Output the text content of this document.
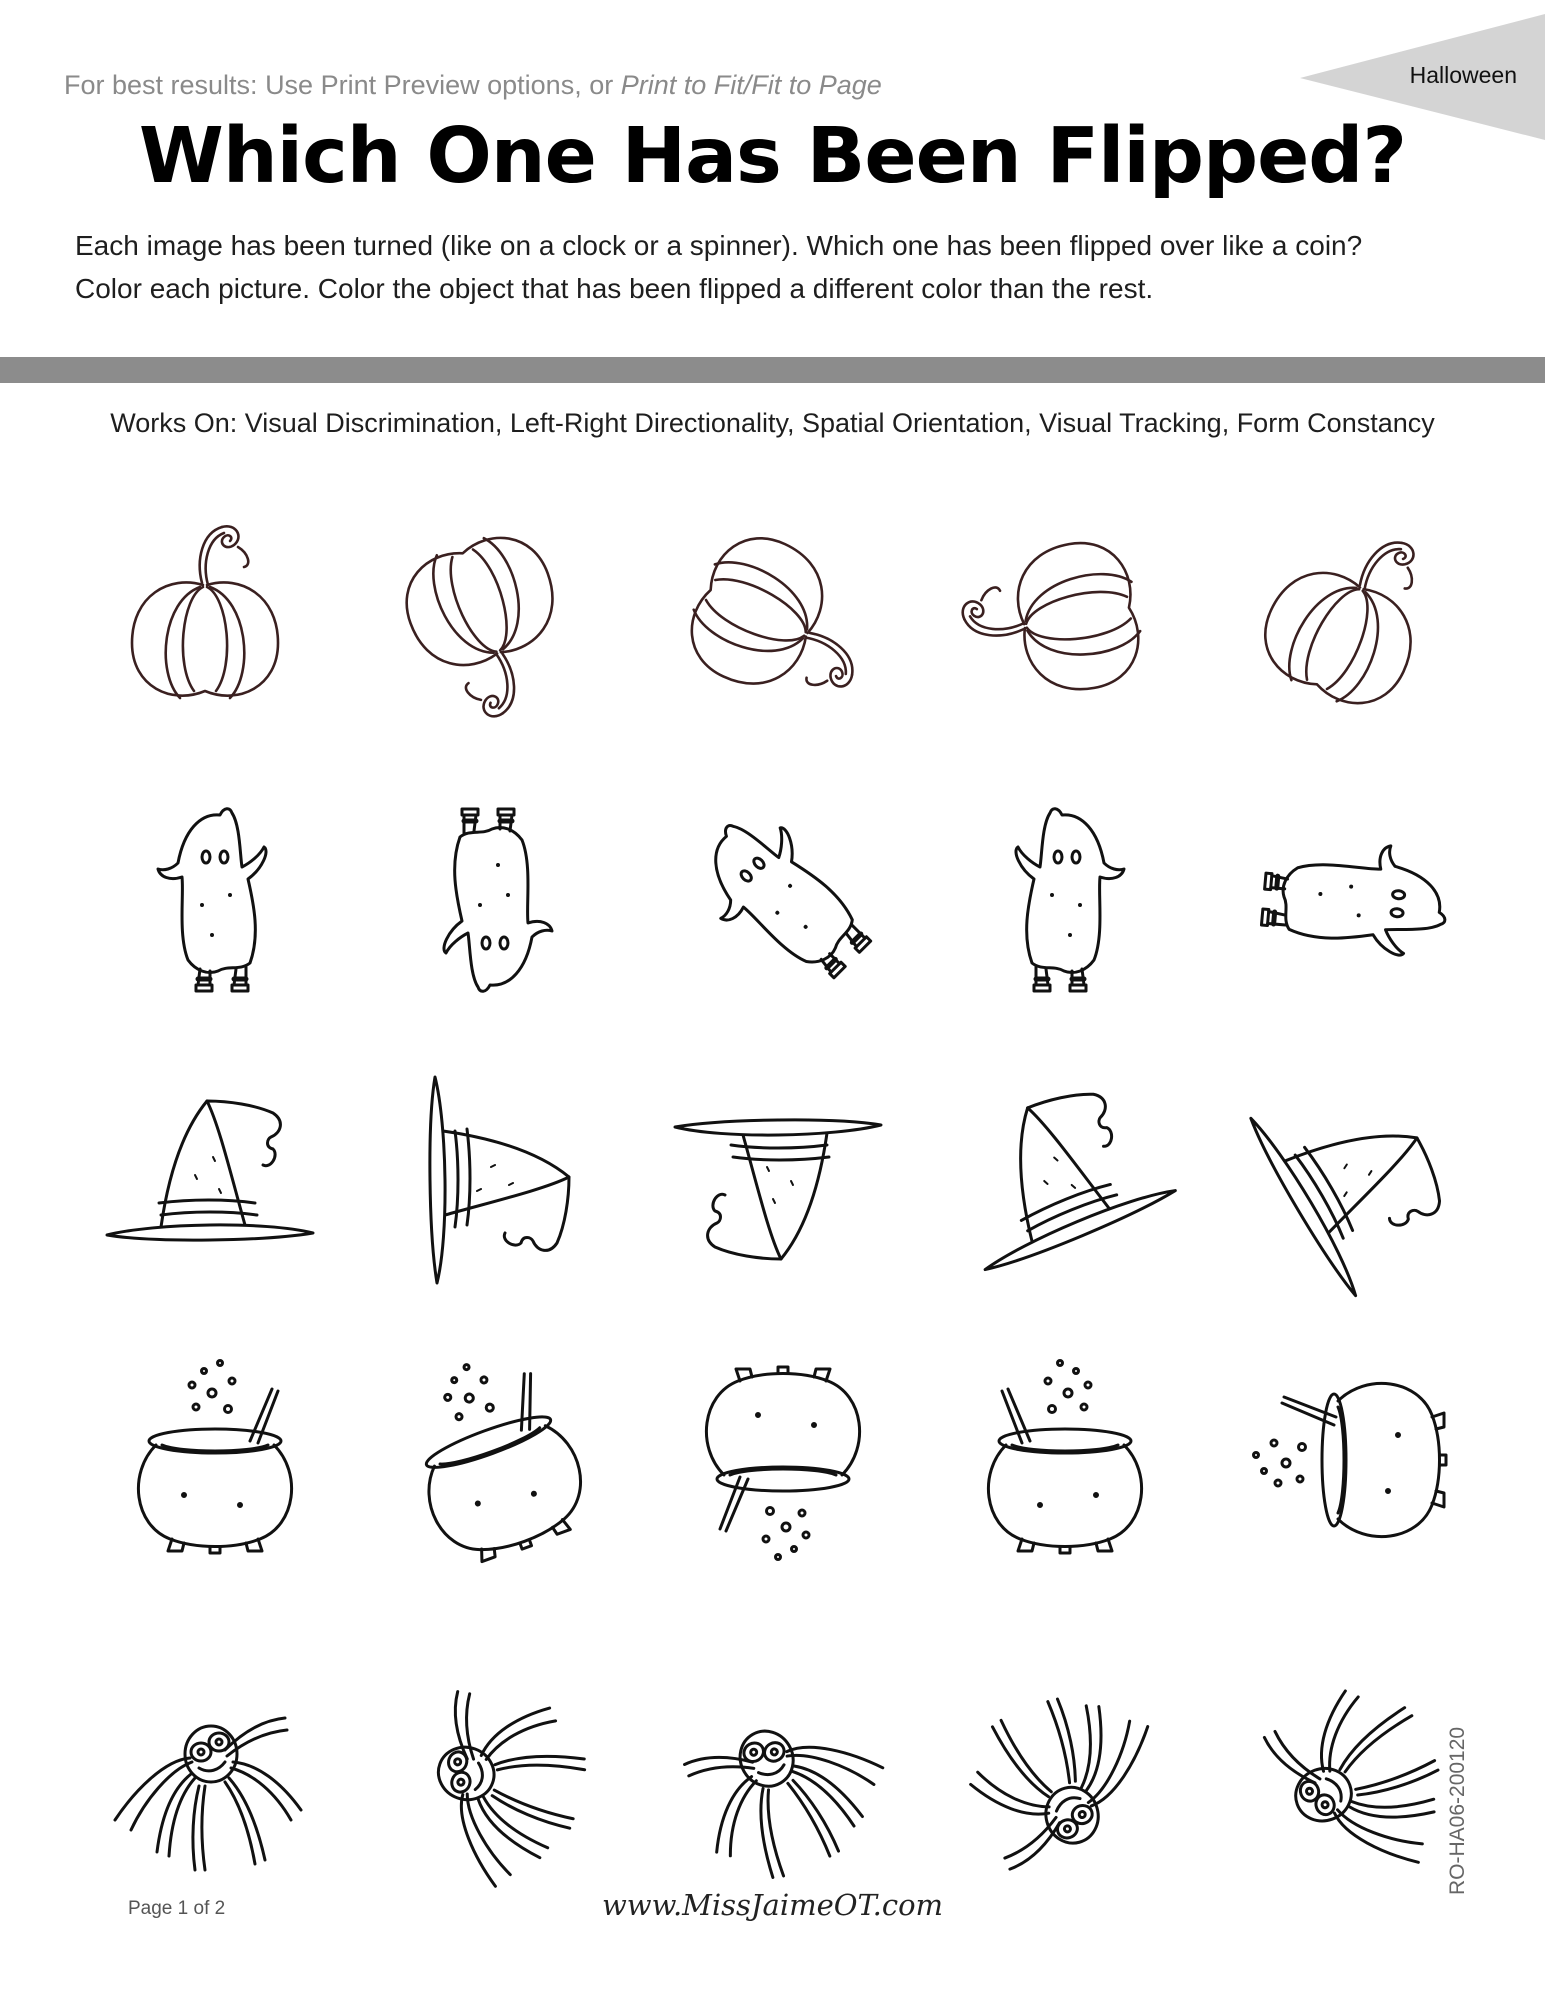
For best results: Use Print Preview options, or Print to Fit/Fit to Page	Halloween
Which One Has Been Flipped?
Each image has been turned (like on a clock or a spinner). Which one has been flipped over like a coin?
Color each picture. Color the object that has been flipped a different color than the rest.
Works On: Visual Discrimination, Left-Right Directionality, Spatial Orientation, Visual Tracking, Form Constancy
Page 1 of 2	www.MissJaimeOT.com
RO-HA06-200120
